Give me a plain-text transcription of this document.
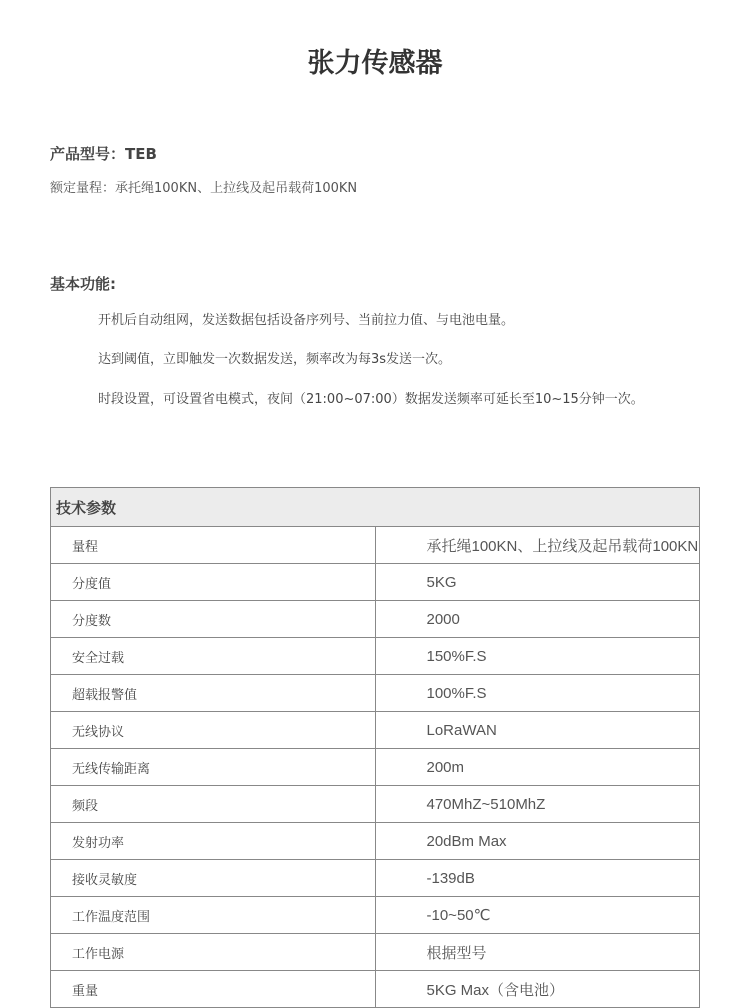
张力传感器
产品型号：TEB
额定量程：承托绳100KN、上拉线及起吊载荷100KN
基本功能:
开机后自动组网，发送数据包括设备序列号、当前拉力值、与电池电量。
达到阈值，立即触发一次数据发送，频率改为每3s发送一次。
时段设置，可设置省电模式，夜间（21:00~07:00）数据发送频率可延长至10~15分钟一次。
技术参数	
量程	承托绳100KN、上拉线及起吊载荷100KN
分度值	5KG
分度数	2000
安全过载	150%F.S
超载报警值	100%F.S
无线协议	LoRaWAN
无线传输距离	200m
频段	470MhZ~510MhZ
发射功率	20dBm Max
接收灵敏度	-139dB
工作温度范围	-10~50℃
工作电源	根据型号
重量	5KG Max（含电池）
